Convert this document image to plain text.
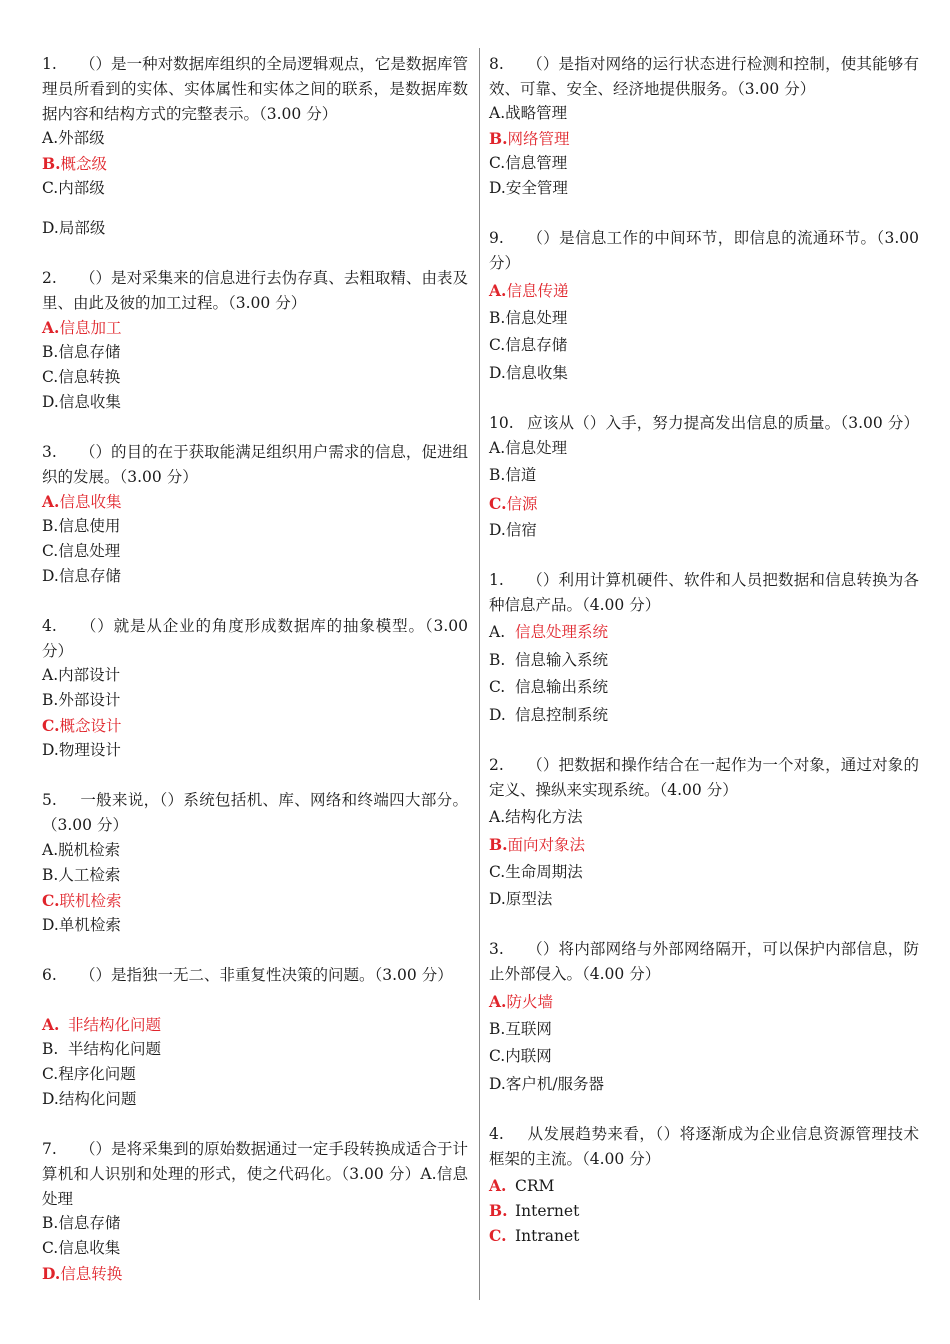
1. （）是一种对数据库组织的全局逻辑观点，它是数据库管理员所看到的实体、实体属性和实体之间的联系，是数据库数据内容和结构方式的完整表示。（3.00 分）
A.外部级
B.概念级
C.内部级
D.局部级
2. （）是对采集来的信息进行去伪存真、去粗取精、由表及里、由此及彼的加工过程。（3.00 分）
A.信息加工
B.信息存储
C.信息转换
D.信息收集
3. （）的目的在于获取能满足组织用户需求的信息，促进组织的发展。（3.00 分）
A.信息收集
B.信息使用
C.信息处理
D.信息存储
4. （）就是从企业的角度形成数据库的抽象模型。（3.00 分）
A.内部设计
B.外部设计
C.概念设计
D.物理设计
5. 一般来说，（）系统包括机、库、网络和终端四大部分。（3.00 分）
A.脱机检索
B.人工检索
C.联机检索
D.单机检索
6. （）是指独一无二、非重复性决策的问题。（3.00 分）
A. 非结构化问题
B. 半结构化问题
C.程序化问题
D.结构化问题
7. （）是将采集到的原始数据通过一定手段转换成适合于计算机和人识别和处理的形式，使之代码化。（3.00 分）A.信息处理
B.信息存储
C.信息收集
D.信息转换
8. （）是指对网络的运行状态进行检测和控制，使其能够有效、可靠、安全、经济地提供服务。（3.00 分）
A.战略管理
B.网络管理
C.信息管理
D.安全管理
9. （）是信息工作的中间环节，即信息的流通环节。（3.00 分）
A.信息传递
B.信息处理
C.信息存储
D.信息收集
10. 应该从（）入手，努力提高发出信息的质量。（3.00 分）A.信息处理
B.信道
C.信源
D.信宿
1. （）利用计算机硬件、软件和人员把数据和信息转换为各种信息产品。（4.00 分）
A. 信息处理系统
B. 信息输入系统
C. 信息输出系统
D. 信息控制系统
2. （）把数据和操作结合在一起作为一个对象，通过对象的定义、操纵来实现系统。（4.00 分）
A.结构化方法
B.面向对象法
C.生命周期法
D.原型法
3. （）将内部网络与外部网络隔开，可以保护内部信息，防止外部侵入。（4.00 分）
A.防火墙
B.互联网
C.内联网
D.客户机/服务器
4. 从发展趋势来看，（）将逐渐成为企业信息资源管理技术框架的主流。（4.00 分）
A. CRM
B. Internet
C. Intranet
